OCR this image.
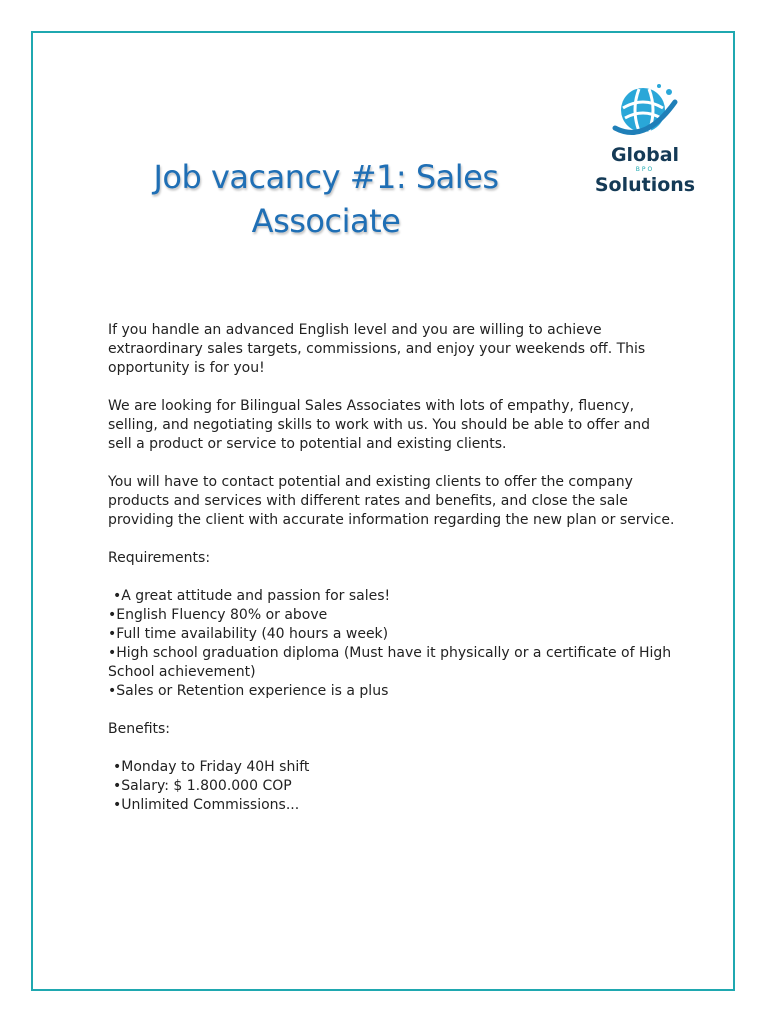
Job vacancy #1: Sales Associate
Global
BPO
Solutions

If you handle an advanced English level and you are willing to achieve extraordinary sales targets, commissions, and enjoy your weekends off. This opportunity is for you!

We are looking for Bilingual Sales Associates with lots of empathy, fluency, selling, and negotiating skills to work with us. You should be able to offer and sell a product or service to potential and existing clients.

You will have to contact potential and existing clients to offer the company products and services with different rates and benefits, and close the sale providing the client with accurate information regarding the new plan or service.

Requirements:

• A great attitude and passion for sales!
• English Fluency 80% or above
• Full time availability (40 hours a week)
• High school graduation diploma (Must have it physically or a certificate of High School achievement)
• Sales or Retention experience is a plus

Benefits:

• Monday to Friday 40H shift
• Salary: $ 1.800.000 COP
• Unlimited Commissions...
